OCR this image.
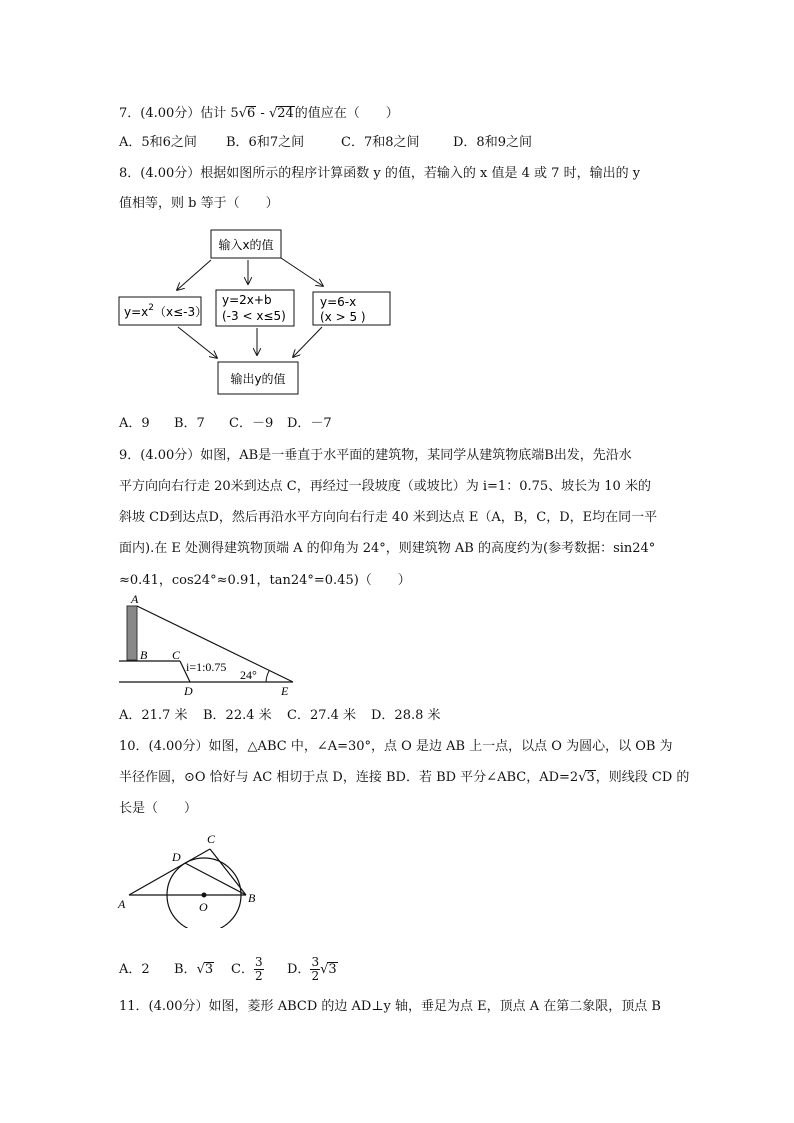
7．(4.00分）估计 5√6 - √24的值应在（　　）
A．5和6之间 B．6和7之间	C．7和8之间	D．8和9之间
8．(4.00分）根据如图所示的程序计算函数 y 的值，若输入的 x 值是 4 或 7 时，输出的 y
值相等，则 b 等于（　　）
输入x的值
$y=x^2(x\le-3)$
y=2x+b
(-3 < x≤5)
y=6-x
(x > 5 )
输出y的值
A．9 B．7 C．－9 D．－7
9．(4.00分）如图，AB是一垂直于水平面的建筑物，某同学从建筑物底端B出发，先沿水
平方向向右行走 20米到达点 C，再经过一段坡度（或坡比）为 i=1：0.75、坡长为 10 米的
斜坡 CD到达点D，然后再沿水平方向向右行走 40 米到达点 E（A，B，C，D，E均在同一平
面内).在 E 处测得建筑物顶端 A 的仰角为 24°，则建筑物 AB 的高度约为(参考数据：sin24°
≈0.41，cos24°≈0.91，tan24°=0.45)（　　）
A
B C
D	E
i=1:0.75
24°
A．21.7 米 B．22.4 米 C．27.4 米 D．28.8 米
10．(4.00分）如图，△ABC 中，∠A=30°，点 O 是边 AB 上一点，以点 O 为圆心，以 OB 为
半径作圆，⊙O 恰好与 AC 相切于点 D，连接 BD．若 BD 平分∠ABC，AD=2√3，则线段 CD 的
长是（　　）
A	B
C
D
O
A．2 B．√3 C． $\frac{3}{2}$ D． $\frac{3}{2} √3$
11．(4.00分）如图，菱形 ABCD 的边 AD⊥y 轴，垂足为点 E，顶点 A 在第二象限，顶点 B
